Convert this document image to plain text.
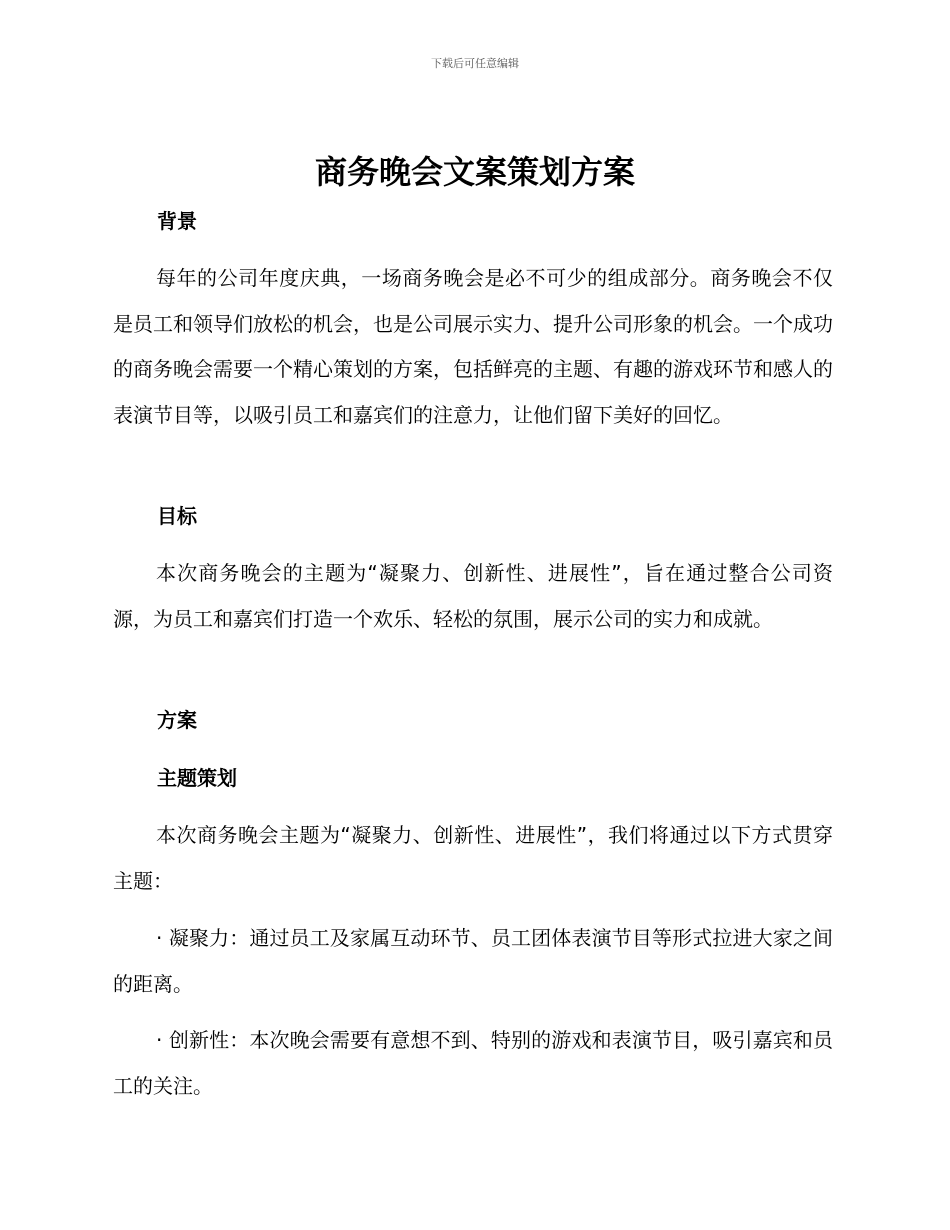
下载后可任意编辑
商务晚会文案策划方案
背景

每年的公司年度庆典，一场商务晚会是必不可少的组成部分。商务晚会不仅是员工和领导们放松的机会，也是公司展示实力、提升公司形象的机会。一个成功的商务晚会需要一个精心策划的方案，包括鲜亮的主题、有趣的游戏环节和感人的表演节目等，以吸引员工和嘉宾们的注意力，让他们留下美好的回忆。

目标

本次商务晚会的主题为“凝聚力、创新性、进展性”，旨在通过整合公司资源，为员工和嘉宾们打造一个欢乐、轻松的氛围，展示公司的实力和成就。

方案
主题策划

本次商务晚会主题为“凝聚力、创新性、进展性”，我们将通过以下方式贯穿主题：

· 凝聚力：通过员工及家属互动环节、员工团体表演节目等形式拉进大家之间的距离。

· 创新性：本次晚会需要有意想不到、特别的游戏和表演节目，吸引嘉宾和员工的关注。
